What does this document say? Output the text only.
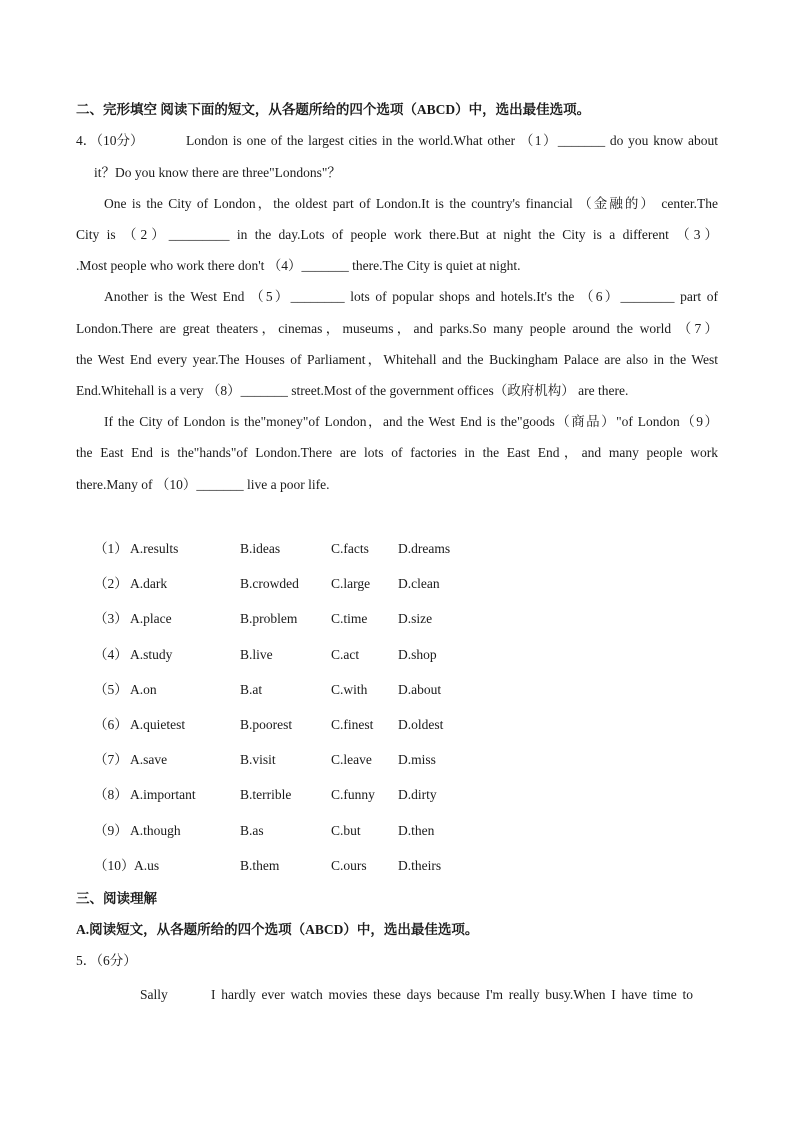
二、完形填空 阅读下面的短文，从各题所给的四个选项（ABCD）中，选出最佳选项。
4．（10分）	London is one of the largest cities in the world.What other （1）_______ do you know about
it？Do you know there are three"Londons"？
One is the City of London，the oldest part of London.It is the country's financial （金融的） center.The
City is （2）_________ in the day.Lots of people work there.But at night the City is a different （3）
.Most people who work there don't （4）_______ there.The City is quiet at night.
Another is the West End （5）________ lots of popular shops and hotels.It's the （6）________ part of
London.There are great theaters，cinemas，museums，and parks.So many people around the world （7）
the West End every year.The Houses of Parliament，Whitehall and the Buckingham Palace are also in the West
End.Whitehall is a very （8）_______ street.Most of the government offices（政府机构） are there.
If the City of London is the"money"of London，and the West End is the"goods（商品）"of London（9）
the East End is the"hands"of London.There are lots of factories in the East End，and many people work
there.Many of （10）_______ live a poor life.
（1） A.results	B.ideas	C.facts D.dreams
（2） A.dark	B.crowded C.large D.clean
（3） A.place	B.problem C.time D.size
（4） A.study	B.live	C.act	D.shop
（5） A.on	B.at	C.with D.about
（6） A.quietest	B.poorest	C.finest D.oldest
（7） A.save	B.visit	C.leave D.miss
（8） A.important	B.terrible	C.funny D.dirty
（9） A.though	B.as	C.but	D.then
（10） A.us	B.them	C.ours D.theirs
三、阅读理解
A.阅读短文，从各题所给的四个选项（ABCD）中，选出最佳选项。
5．（6分）
Sally	I hardly ever watch movies these days because I'm really busy.When I have time to
